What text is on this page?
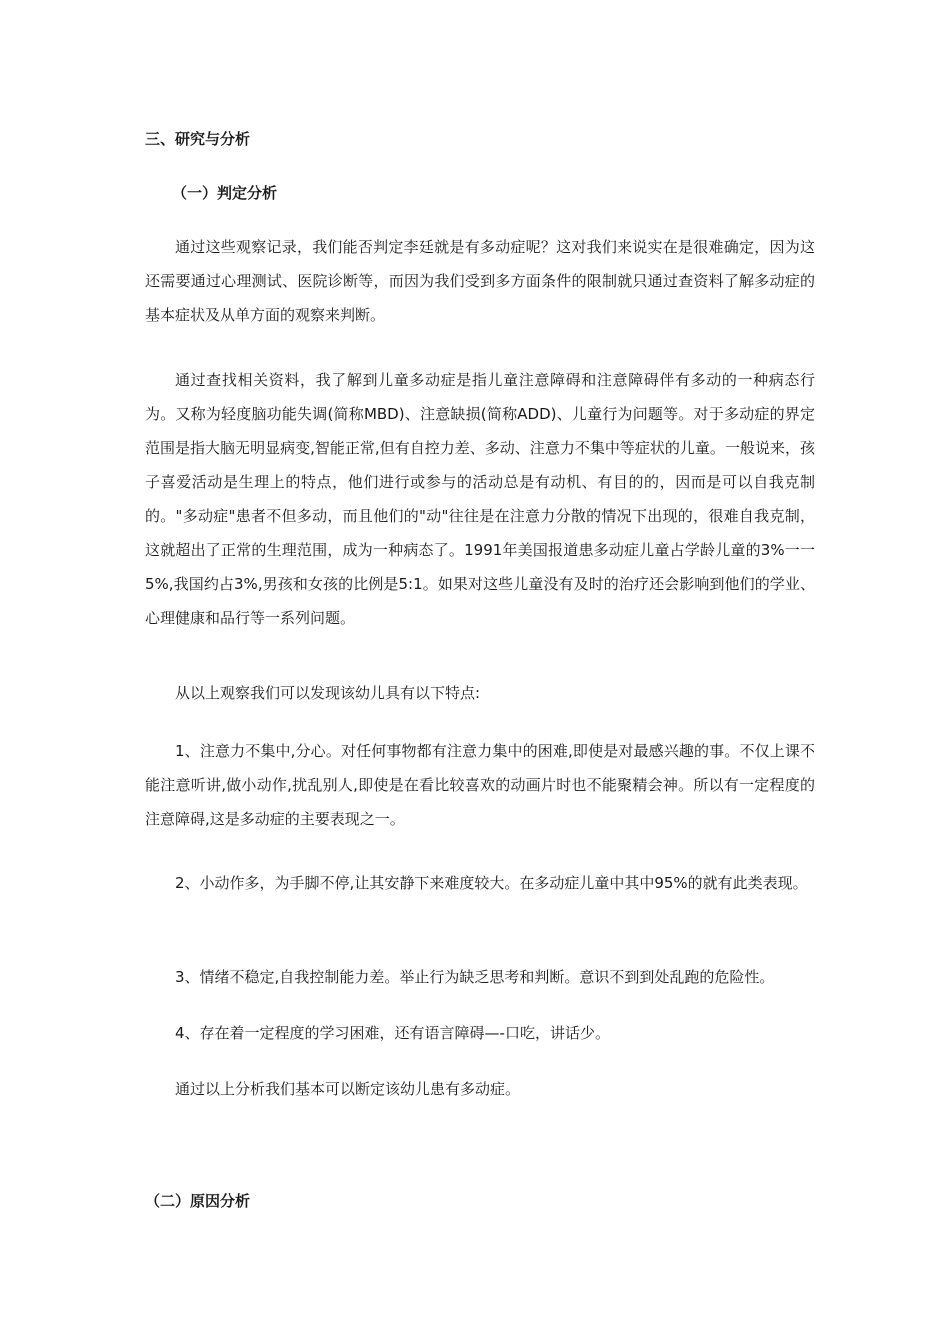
三、研究与分析
（一）判定分析

通过这些观察记录，我们能否判定李廷就是有多动症呢？这对我们来说实在是很难确定，因为这还需要通过心理测试、医院诊断等，而因为我们受到多方面条件的限制就只通过查资料了解多动症的基本症状及从单方面的观察来判断。

通过查找相关资料，我了解到儿童多动症是指儿童注意障碍和注意障碍伴有多动的一种病态行为。又称为轻度脑功能失调(简称MBD)、注意缺损(简称ADD)、儿童行为问题等。对于多动症的界定范围是指大脑无明显病变,智能正常,但有自控力差、多动、注意力不集中等症状的儿童。一般说来，孩子喜爱活动是生理上的特点，他们进行或参与的活动总是有动机、有目的的，因而是可以自我克制的。"多动症"患者不但多动，而且他们的"动"往往是在注意力分散的情况下出现的，很难自我克制，这就超出了正常的生理范围，成为一种病态了。1991年美国报道患多动症儿童占学龄儿童的3%一一5%,我国约占3%,男孩和女孩的比例是5:1。如果对这些儿童没有及时的治疗还会影响到他们的学业、心理健康和品行等一系列问题。

从以上观察我们可以发现该幼儿具有以下特点:

1、注意力不集中,分心。对任何事物都有注意力集中的困难,即使是对最感兴趣的事。不仅上课不能注意听讲,做小动作,扰乱别人,即使是在看比较喜欢的动画片时也不能聚精会神。所以有一定程度的注意障碍,这是多动症的主要表现之一。

2、小动作多，为手脚不停,让其安静下来难度较大。在多动症儿童中其中95%的就有此类表现。

3、情绪不稳定,自我控制能力差。举止行为缺乏思考和判断。意识不到到处乱跑的危险性。

4、存在着一定程度的学习困难，还有语言障碍—-口吃，讲话少。

通过以上分析我们基本可以断定该幼儿患有多动症。

（二）原因分析
